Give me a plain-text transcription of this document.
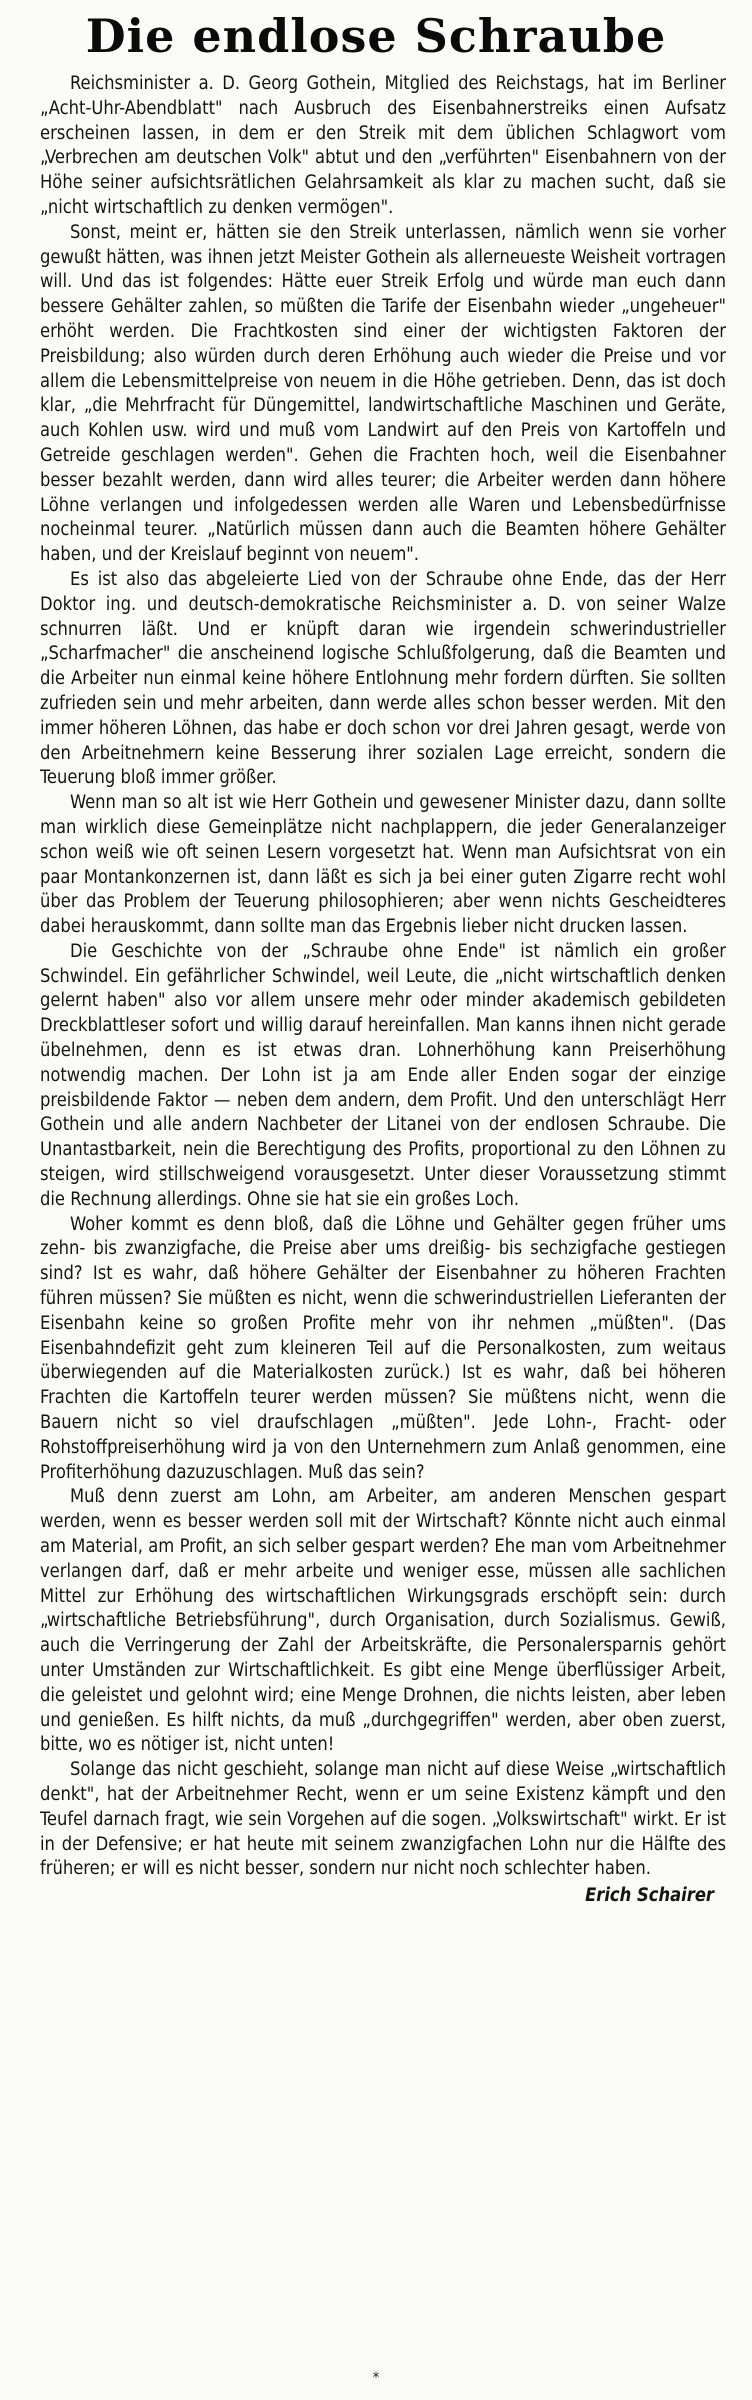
Die endlose Schraube

Reichsminister a. D. Georg Gothein, Mitglied des Reichstags, hat im Berliner „Acht-Uhr-Abendblatt" nach Ausbruch des Eisenbahnerstreiks einen Aufsatz erscheinen lassen, in dem er den Streik mit dem üblichen Schlagwort vom „Verbrechen am deutschen Volk" abtut und den „verführten" Eisenbahnern von der Höhe seiner aufsichtsrätlichen Gelahrsamkeit als klar zu machen sucht, daß sie „nicht wirtschaftlich zu denken vermögen".

Sonst, meint er, hätten sie den Streik unterlassen, nämlich wenn sie vorher gewußt hätten, was ihnen jetzt Meister Gothein als allerneueste Weisheit vortragen will. Und das ist folgendes: Hätte euer Streik Erfolg und würde man euch dann bessere Gehälter zahlen, so müßten die Tarife der Eisenbahn wieder „ungeheuer" erhöht werden. Die Frachtkosten sind einer der wichtigsten Faktoren der Preisbildung; also würden durch deren Erhöhung auch wieder die Preise und vor allem die Lebensmittelpreise von neuem in die Höhe getrieben. Denn, das ist doch klar, „die Mehrfracht für Düngemittel, landwirtschaftliche Maschinen und Geräte, auch Kohlen usw. wird und muß vom Landwirt auf den Preis von Kartoffeln und Getreide geschlagen werden". Gehen die Frachten hoch, weil die Eisenbahner besser bezahlt werden, dann wird alles teurer; die Arbeiter werden dann höhere Löhne verlangen und infolgedessen werden alle Waren und Lebensbedürfnisse nocheinmal teurer. „Natürlich müssen dann auch die Beamten höhere Gehälter haben, und der Kreislauf beginnt von neuem".

Es ist also das abgeleierte Lied von der Schraube ohne Ende, das der Herr Doktor ing. und deutsch-demokratische Reichsminister a. D. von seiner Walze schnurren läßt. Und er knüpft daran wie irgendein schwerindustrieller „Scharfmacher" die anscheinend logische Schlußfolgerung, daß die Beamten und die Arbeiter nun einmal keine höhere Entlohnung mehr fordern dürften. Sie sollten zufrieden sein und mehr arbeiten, dann werde alles schon besser werden. Mit den immer höheren Löhnen, das habe er doch schon vor drei Jahren gesagt, werde von den Arbeitnehmern keine Besserung ihrer sozialen Lage erreicht, sondern die Teuerung bloß immer größer.

Wenn man so alt ist wie Herr Gothein und gewesener Minister dazu, dann sollte man wirklich diese Gemeinplätze nicht nachplappern, die jeder Generalanzeiger schon weiß wie oft seinen Lesern vorgesetzt hat. Wenn man Aufsichtsrat von ein paar Montankonzernen ist, dann läßt es sich ja bei einer guten Zigarre recht wohl über das Problem der Teuerung philosophieren; aber wenn nichts Gescheidteres dabei herauskommt, dann sollte man das Ergebnis lieber nicht drucken lassen.

Die Geschichte von der „Schraube ohne Ende" ist nämlich ein großer Schwindel. Ein gefährlicher Schwindel, weil Leute, die „nicht wirtschaftlich denken gelernt haben" also vor allem unsere mehr oder minder akademisch gebildeten Dreckblattleser sofort und willig darauf hereinfallen. Man kanns ihnen nicht gerade übelnehmen, denn es ist etwas dran. Lohnerhöhung kann Preiserhöhung notwendig machen. Der Lohn ist ja am Ende aller Enden sogar der einzige preisbildende Faktor — neben dem andern, dem Profit. Und den unterschlägt Herr Gothein und alle andern Nachbeter der Litanei von der endlosen Schraube. Die Unantastbarkeit, nein die Berechtigung des Profits, proportional zu den Löhnen zu steigen, wird stillschweigend vorausgesetzt. Unter dieser Voraussetzung stimmt die Rechnung allerdings. Ohne sie hat sie ein großes Loch.

Woher kommt es denn bloß, daß die Löhne und Gehälter gegen früher ums zehn- bis zwanzigfache, die Preise aber ums dreißig- bis sechzigfache gestiegen sind? Ist es wahr, daß höhere Gehälter der Eisenbahner zu höheren Frachten führen müssen? Sie müßten es nicht, wenn die schwerindustriellen Lieferanten der Eisenbahn keine so großen Profite mehr von ihr nehmen „müßten". (Das Eisenbahndefizit geht zum kleineren Teil auf die Personalkosten, zum weitaus überwiegenden auf die Materialkosten zurück.) Ist es wahr, daß bei höheren Frachten die Kartoffeln teurer werden müssen? Sie müßtens nicht, wenn die Bauern nicht so viel draufschlagen „müßten". Jede Lohn-, Fracht- oder Rohstoffpreiserhöhung wird ja von den Unternehmern zum Anlaß genommen, eine Profiterhöhung dazuzuschlagen. Muß das sein?

Muß denn zuerst am Lohn, am Arbeiter, am anderen Menschen gespart werden, wenn es besser werden soll mit der Wirtschaft? Könnte nicht auch einmal am Material, am Profit, an sich selber gespart werden? Ehe man vom Arbeitnehmer verlangen darf, daß er mehr arbeite und weniger esse, müssen alle sachlichen Mittel zur Erhöhung des wirtschaftlichen Wirkungsgrads erschöpft sein: durch „wirtschaftliche Betriebsführung", durch Organisation, durch Sozialismus. Gewiß, auch die Verringerung der Zahl der Arbeitskräfte, die Personalersparnis gehört unter Umständen zur Wirtschaftlichkeit. Es gibt eine Menge überflüssiger Arbeit, die geleistet und gelohnt wird; eine Menge Drohnen, die nichts leisten, aber leben und genießen. Es hilft nichts, da muß „durchgegriffen" werden, aber oben zuerst, bitte, wo es nötiger ist, nicht unten!

Solange das nicht geschieht, solange man nicht auf diese Weise „wirtschaftlich denkt", hat der Arbeitnehmer Recht, wenn er um seine Existenz kämpft und den Teufel darnach fragt, wie sein Vorgehen auf die sogen. „Volkswirtschaft" wirkt. Er ist in der Defensive; er hat heute mit seinem zwanzigfachen Lohn nur die Hälfte des früheren; er will es nicht besser, sondern nur nicht noch schlechter haben.

Erich Schairer
*
